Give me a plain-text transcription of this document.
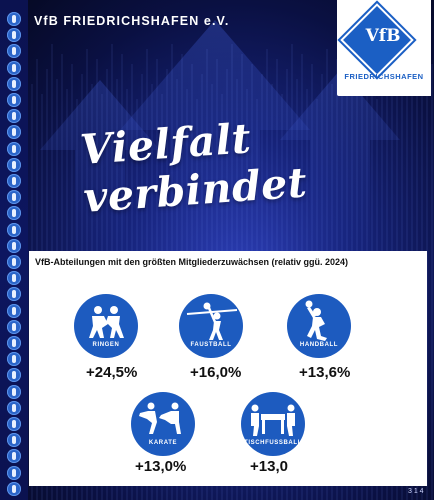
VfB FRIEDRICHSHAFEN e.V.
VfB
FRIEDRICHSHAFEN
Vielfalt verbindet
VfB-Abteilungen mit den größten Mitgliederzuwächsen (relativ ggü. 2024)
RINGEN
+24,5%
FAUSTBALL
+16,0%
HANDBALL
+13,6%
KARATE
+13,0%
TISCHFUSSBALL
+13,0
3 1 4
